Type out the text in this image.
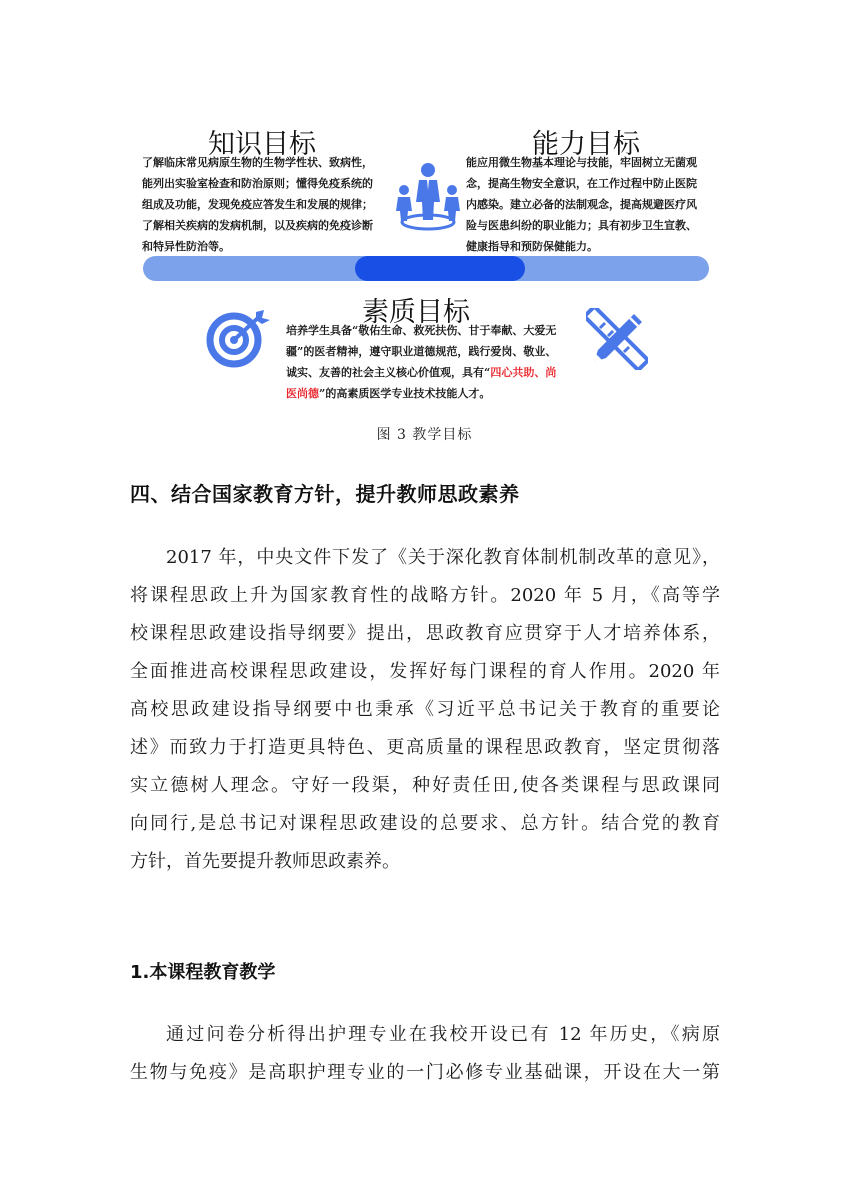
知识目标
了解临床常见病原生物的生物学性状、致病性，
能列出实验室检查和防治原则；懂得免疫系统的
组成及功能，发现免疫应答发生和发展的规律；
了解相关疾病的发病机制，以及疾病的免疫诊断
和特异性防治等。
能力目标
能应用微生物基本理论与技能，牢固树立无菌观
念，提高生物安全意识，在工作过程中防止医院
内感染。建立必备的法制观念，提高规避医疗风
险与医患纠纷的职业能力；具有初步卫生宣教、
健康指导和预防保健能力。
素质目标
培养学生具备“敬佑生命、救死扶伤、甘于奉献、大爱无
疆”的医者精神，遵守职业道德规范，践行爱岗、敬业、
诚实、友善的社会主义核心价值观，具有“四心共助、尚
医尚德”的高素质医学专业技术技能人才。
图 3 教学目标
四、结合国家教育方针，提升教师思政素养

2017 年，中央文件下发了《关于深化教育体制机制改革的意见》，
将课程思政上升为国家教育性的战略方针。2020 年 5 月，《高等学
校课程思政建设指导纲要》提出，思政教育应贯穿于人才培养体系，
全面推进高校课程思政建设，发挥好每门课程的育人作用。2020 年
高校思政建设指导纲要中也秉承《习近平总书记关于教育的重要论
述》而致力于打造更具特色、更高质量的课程思政教育，坚定贯彻落
实立德树人理念。守好一段渠，种好责任田,使各类课程与思政课同
向同行,是总书记对课程思政建设的总要求、总方针。结合党的教育
方针，首先要提升教师思政素养。

1.本课程教育教学

通过问卷分析得出护理专业在我校开设已有 12 年历史，《病原
生物与免疫》是高职护理专业的一门必修专业基础课，开设在大一第
